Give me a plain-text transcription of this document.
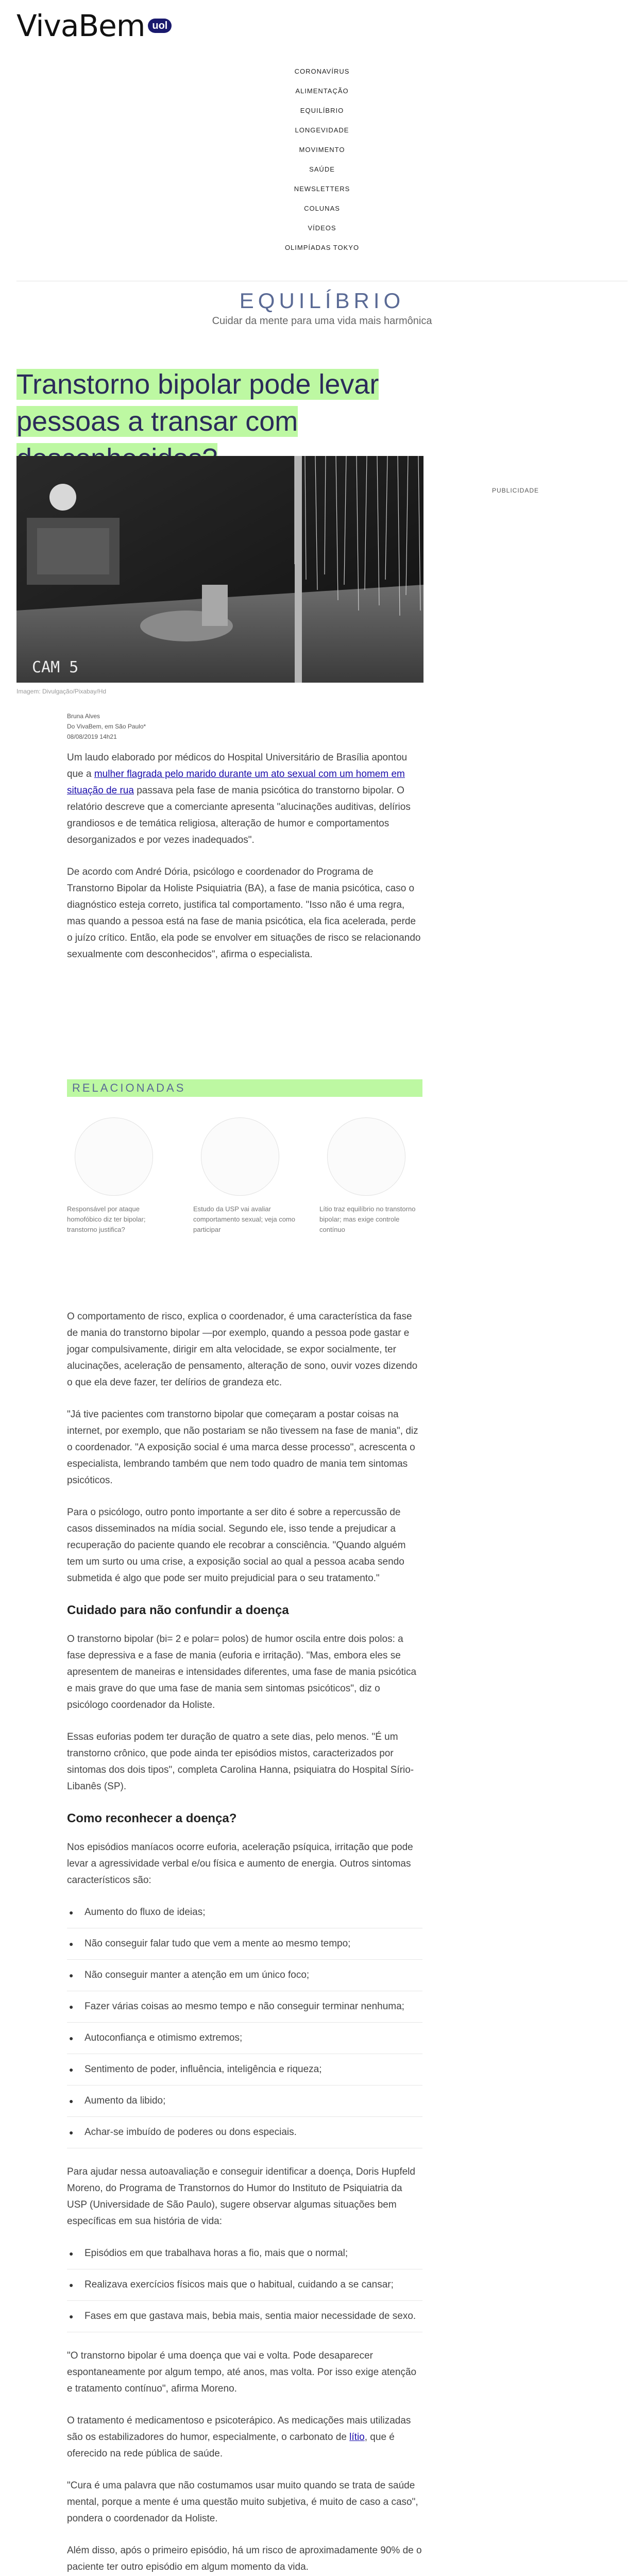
VivaBem uol
CORONAVÍRUS
ALIMENTAÇÃO
EQUILÍBRIO
LONGEVIDADE
MOVIMENTO
SAÚDE
NEWSLETTERS
COLUNAS
VÍDEOS
OLIMPÍADAS TOKYO
EQUILÍBRIO
Cuidar da mente para uma vida mais harmônica
Transtorno bipolar pode levar pessoas a transar com
PUBLICIDADE
CAM 5
Imagem: Divulgação/Pixabay/Hd
Bruna Alves
Do VivaBem, em São Paulo*
08/08/2019 14h21

Um laudo elaborado por médicos do Hospital Universitário de Brasília apontou que a mulher flagrada pelo marido durante um ato sexual com um homem em situação de rua passava pela fase de mania psicótica do transtorno bipolar. O relatório descreve que a comerciante apresenta "alucinações auditivas, delírios grandiosos e de temática religiosa, alteração de humor e comportamentos desorganizados e por vezes inadequados".

De acordo com André Dória, psicólogo e coordenador do Programa de Transtorno Bipolar da Holiste Psiquiatria (BA), a fase de mania psicótica, caso o diagnóstico esteja correto, justifica tal comportamento. "Isso não é uma regra, mas quando a pessoa está na fase de mania psicótica, ela fica acelerada, perde o juízo crítico. Então, ela pode se envolver em situações de risco se relacionando sexualmente com desconhecidos", afirma o especialista.

RELACIONADAS
Responsável por ataque homofóbico diz ter bipolar; transtorno justifica?
Estudo da USP vai avaliar comportamento sexual; veja como participar
Lítio traz equilíbrio no transtorno bipolar; mas exige controle contínuo

O comportamento de risco, explica o coordenador, é uma característica da fase de mania do transtorno bipolar —por exemplo, quando a pessoa pode gastar e jogar compulsivamente, dirigir em alta velocidade, se expor socialmente, ter alucinações, aceleração de pensamento, alteração de sono, ouvir vozes dizendo o que ela deve fazer, ter delírios de grandeza etc.

"Já tive pacientes com transtorno bipolar que começaram a postar coisas na internet, por exemplo, que não postariam se não tivessem na fase de mania", diz o coordenador. "A exposição social é uma marca desse processo", acrescenta o especialista, lembrando também que nem todo quadro de mania tem sintomas psicóticos.

Para o psicólogo, outro ponto importante a ser dito é sobre a repercussão de casos disseminados na mídia social. Segundo ele, isso tende a prejudicar a recuperação do paciente quando ele recobrar a consciência. "Quando alguém tem um surto ou uma crise, a exposição social ao qual a pessoa acaba sendo submetida é algo que pode ser muito prejudicial para o seu tratamento."

Cuidado para não confundir a doença

O transtorno bipolar (bi= 2 e polar= polos) de humor oscila entre dois polos: a fase depressiva e a fase de mania (euforia e irritação). "Mas, embora eles se apresentem de maneiras e intensidades diferentes, uma fase de mania psicótica e mais grave do que uma fase de mania sem sintomas psicóticos", diz o psicólogo coordenador da Holiste.

Essas euforias podem ter duração de quatro a sete dias, pelo menos. "É um transtorno crônico, que pode ainda ter episódios mistos, caracterizados por sintomas dos dois tipos", completa Carolina Hanna, psiquiatra do Hospital Sírio-Libanês (SP).

Como reconhecer a doença?

Nos episódios maníacos ocorre euforia, aceleração psíquica, irritação que pode levar a agressividade verbal e/ou física e aumento de energia. Outros sintomas característicos são:

● Aumento do fluxo de ideias;
● Não conseguir falar tudo que vem a mente ao mesmo tempo;
● Não conseguir manter a atenção em um único foco;
● Fazer várias coisas ao mesmo tempo e não conseguir terminar nenhuma;
● Autoconfiança e otimismo extremos;
● Sentimento de poder, influência, inteligência e riqueza;
● Aumento da libido;
● Achar-se imbuído de poderes ou dons especiais.

Para ajudar nessa autoavaliação e conseguir identificar a doença, Doris Hupfeld Moreno, do Programa de Transtornos do Humor do Instituto de Psiquiatria da USP (Universidade de São Paulo), sugere observar algumas situações bem específicas em sua história de vida:

● Episódios em que trabalhava horas a fio, mais que o normal;
● Realizava exercícios físicos mais que o habitual, cuidando a se cansar;
● Fases em que gastava mais, bebia mais, sentia maior necessidade de sexo.

"O transtorno bipolar é uma doença que vai e volta. Pode desaparecer espontaneamente por algum tempo, até anos, mas volta. Por isso exige atenção e tratamento contínuo", afirma Moreno.

O tratamento é medicamentoso e psicoterápico. As medicações mais utilizadas são os estabilizadores do humor, especialmente, o carbonato de lítio, que é oferecido na rede pública de saúde.

"Cura é uma palavra que não costumamos usar muito quando se trata de saúde mental, porque a mente é uma questão muito subjetiva, é muito de caso a caso", pondera o coordenador da Holiste.

Além disso, após o primeiro episódio, há um risco de aproximadamente 90% de o paciente ter outro episódio em algum momento da vida.
